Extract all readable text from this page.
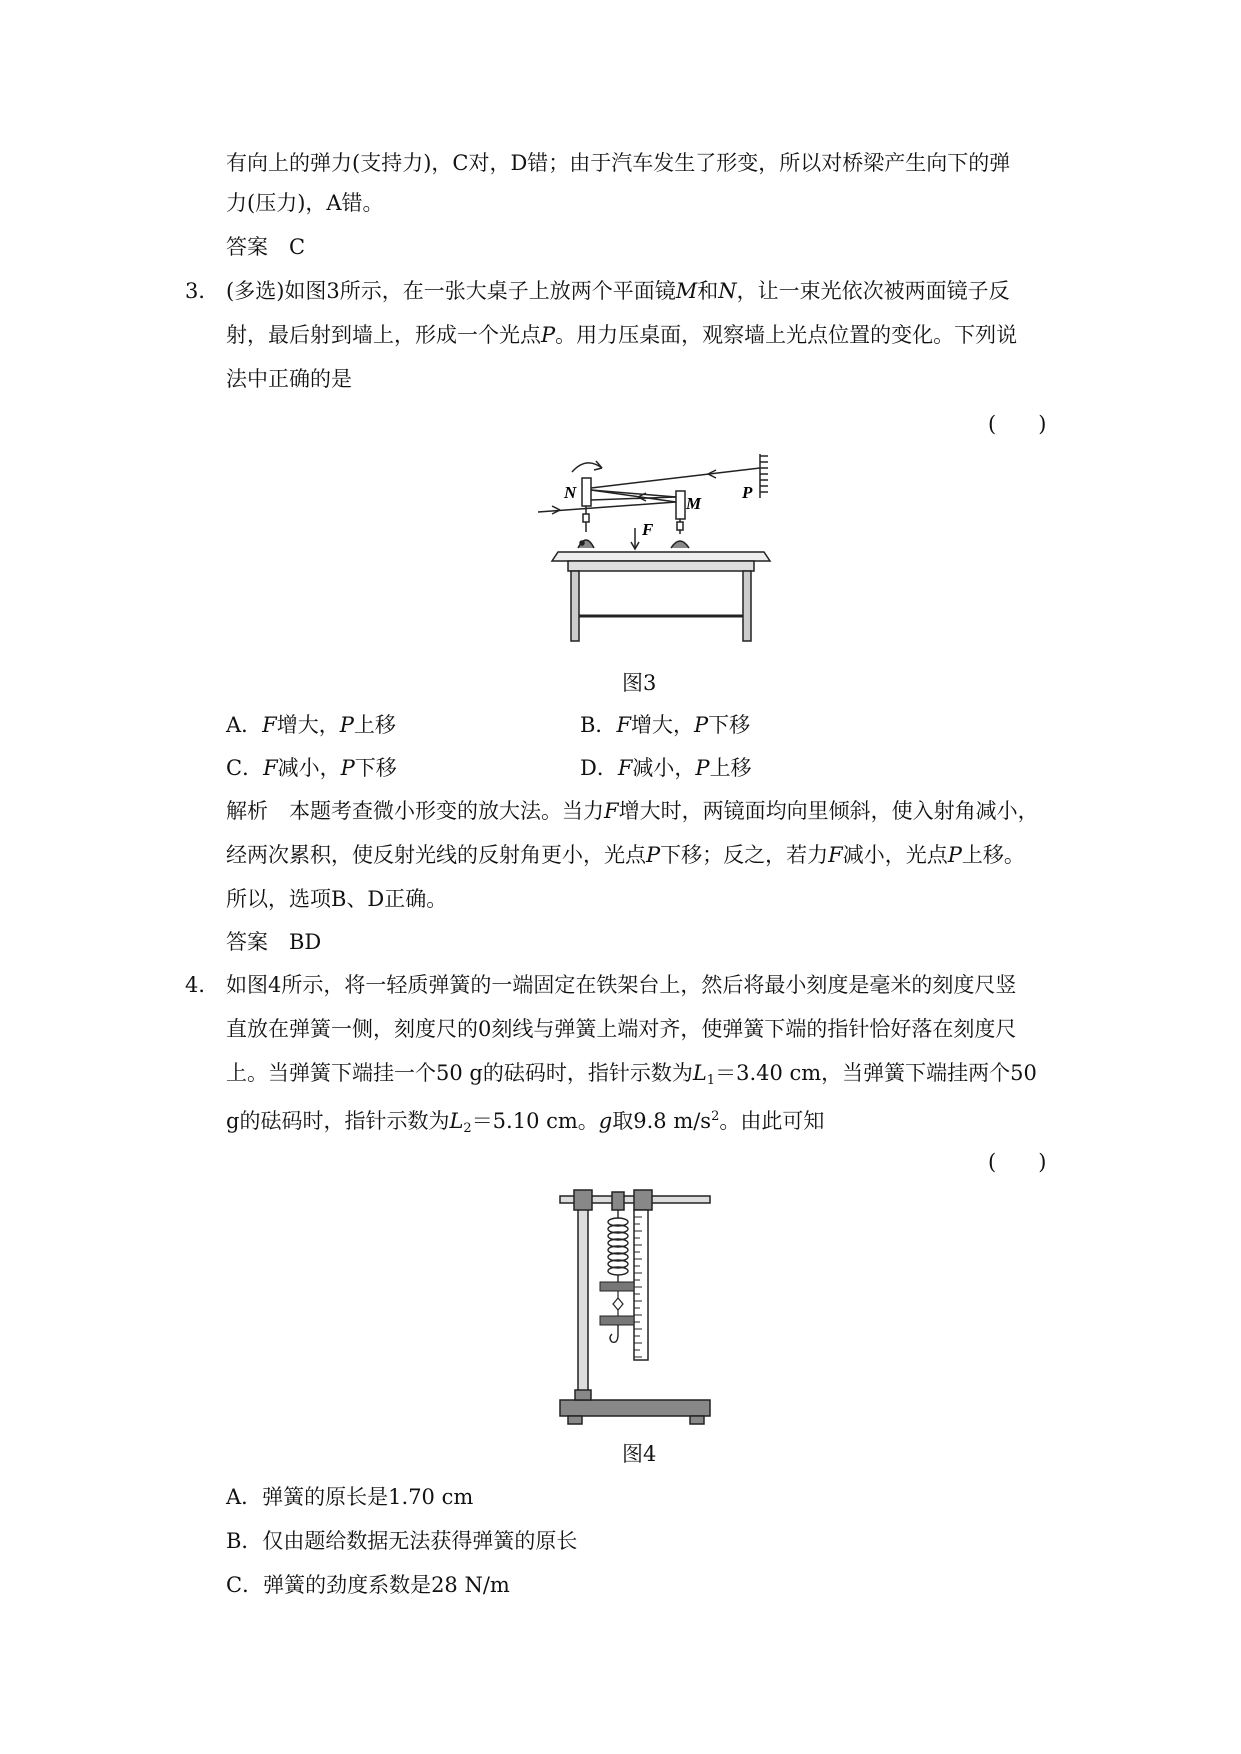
有向上的弹力(支持力)，C对，D错；由于汽车发生了形变，所以对桥梁产生向下的弹
力(压力)，A错。
答案　C
3． (多选)如图3所示，在一张大桌子上放两个平面镜M和N，让一束光依次被两面镜子反
射，最后射到墙上，形成一个光点P。用力压桌面，观察墙上光点位置的变化。下列说
法中正确的是
(　　)
N
M
P
F
图3
A．F增大，P上移	B．F增大，P下移
C．F减小，P下移	D．F减小，P上移
解析　本题考查微小形变的放大法。当力F增大时，两镜面均向里倾斜，使入射角减小，
经两次累积，使反射光线的反射角更小，光点P下移；反之，若力F减小，光点P上移。
所以，选项B、D正确。
答案　BD
4． 如图4所示，将一轻质弹簧的一端固定在铁架台上，然后将最小刻度是毫米的刻度尺竖
直放在弹簧一侧，刻度尺的0刻线与弹簧上端对齐，使弹簧下端的指针恰好落在刻度尺
上。当弹簧下端挂一个50 g的砝码时，指针示数为$L_1=3.40$ cm，当弹簧下端挂两个50
g的砝码时，指针示数为$L_2=5.10$ cm。g取9.8 $m/s^2$。由此可知
(　　)
图4
A．弹簧的原长是1.70 cm
B．仅由题给数据无法获得弹簧的原长
C．弹簧的劲度系数是28 N/m
